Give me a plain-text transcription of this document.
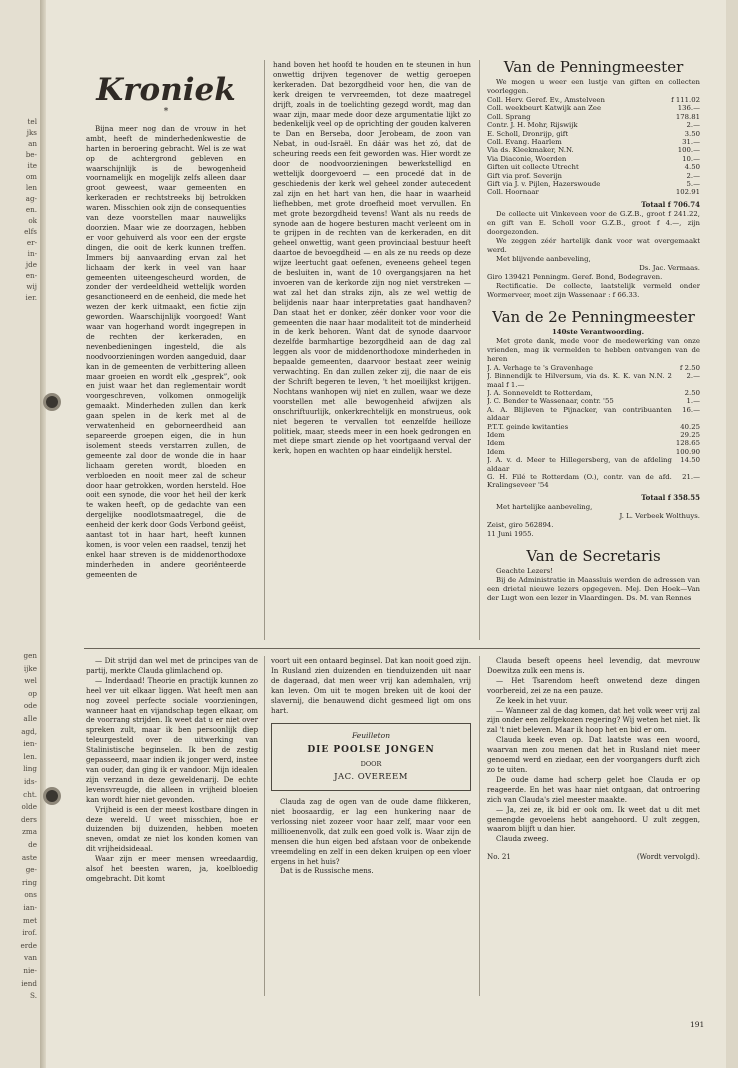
tel
jks
an
be-
ite
om
len
ag-
en.
ok
elfs
er-
in-
jde
en-
wij
ier.
gen
ijke
wel
op
ode
aIle
agd,
ien-
len.
ling
ids-
cht.
olde
ders
zma
de
aste
ge-
ring
ons
ian-
met
irof.
erde
van
nie-
iend
S.
Kroniek
*

Bijna meer nog dan de vrouw in het ambt, heeft de minderhedenkwestie de harten in beroering gebracht. Wel is ze wat op de achtergrond gebleven en waarschijnlijk is de bewogenheid voornamelijk en mogelijk zelfs alleen daar groot geweest, waar gemeenten en kerkeraden er rechtstreeks bij betrokken waren. Misschien ook zijn de consequenties van deze voorstellen maar nauwelijks doorzien. Maar wie ze doorzagen, hebben er voor gehuiverd als voor een der ergste dingen, die ooit de kerk kunnen treffen. Immers bij aanvaarding ervan zal het lichaam der kerk in veel van haar gemeenten uiteengescheurd worden, de zonder der verdeeldheid wettelijk worden gesanctioneerd en de eenheid, die mede het wezen der kerk uitmaakt, een fictie zijn geworden. Waarschijnlijk voorgoed! Want waar van hogerhand wordt ingegrepen in de rechten der kerkeraden, en nevenbedieningen ingesteld, die als noodvoorzieningen worden aangeduid, daar kan in de gemeenten de verbittering alleen maar groeien en wordt elk „gesprek”, ook en juist waar het dan reglementair wordt voorgeschreven, volkomen onmogelijk gemaakt. Minderheden zullen dan kerk gaan spelen in de kerk met al de verwatenheid en geborneerdheid aan separeerde groepen eigen, die in hun isolement steeds verstarren zullen, de gemeente zal door de wonde die in haar lichaam gereten wordt, bloeden en verbloeden en nooit meer zal de scheur door haar getrokken, worden hersteld. Hoe ooit een synode, die voor het heil der kerk te waken heeft, op de gedachte van een dergelijke noodlotsmaatregel, die de eenheid der kerk door Gods Verbond geëist, aantast tot in haar hart, heeft kunnen komen, is voor velen een raadsel, tenzij het enkel haar streven is de middenorthodoxe minderheden in andere georiënteerde gemeenten de

hand boven het hoofd te houden en te steunen in hun onwettig drijven tegenover de wettig geroepen kerkeraden. Dat bezorgdheid voor hen, die van de kerk dreigen te vervreemden, tot deze maatregel drijft, zoals in de toelichting gezegd wordt, mag dan waar zijn, maar mede door deze argumentatie lijkt zo bedenkelijk veel op de oprichting der gouden kalveren te Dan en Berseba, door Jerobeam, de zoon van Nebat, in oud-Israël. En dáár was het zó, dat de scheuring reeds een feit geworden was. Hier wordt ze door de noodvoorzieningen bewerkstelligd en wettelijk doorgevoerd — een procedé dat in de geschiedenis der kerk wel geheel zonder autecedent zal zijn en het hart van hen, die haar in waarheid liefhebben, met grote droefheid moet vervullen. En met grote bezorgdheid tevens! Want als nu reeds de synode aan de hogere besturen macht verleent om in te grijpen in de rechten van de kerkeraden, en dit geheel onwettig, want geen provinciaal bestuur heeft daartoe de bevoegdheid — en als ze nu reeds op deze wijze leertucht gaat oefenen, eveneens geheel tegen de besluiten in, want de 10 overgangsjaren na het invoeren van de kerkorde zijn nog niet verstreken — wat zal het dan straks zijn, als ze wel wettig de belijdenis naar haar interpretaties gaat handhaven? Dan staat het er donker, zéér donker voor voor die gemeenten die naar haar modaliteit tot de minderheid in de kerk behoren. Want dat de synode daarvoor dezelfde barmhartige bezorgdheid aan de dag zal leggen als voor de middenorthodoxe minderheden in bepaalde gemeenten, daarvoor bestaat zeer weinig verwachting. En dan zullen zeker zij, die naar de eis der Schrift begeren te leven, 't het moeilijkst krijgen. Nochtans wanhopen wij niet en zullen, waar we deze voorstellen met alle bewogenheid afwijzen als onschriftuurlijk, onkerkrechtelijk en monstrueus, ook niet begeren te vervallen tot eenzelfde heilloze politiek, maar, steeds meer in een hoek gedrongen en met diepe smart ziende op het voortgaand verval der kerk, hopen en wachten op haar eindelijk herstel.

Van de Penningmeester

We mogen u weer een lustje van giften en collecten voorleggen.

Coll. Herv. Geref. Ev., Amstelveen	f 111.02
Coll. weekbeurt Katwijk aan Zee	136.—
Coll. Sprang	178.81
Contr. J. H. Mohr, Rijswijk	2.—
E. Scholl, Dronrijp, gift	3.50
Coll. Evang. Haarlem	31.—
Via ds. Kleekmaker, N.N.	100.—
Via Diaconie, Woerden	10.—
Giften uit collecte Utrecht	4.50
Gift via prof. Severijn	2.—
Gift via J. v. Pijlen, Hazerswoude	5.—
Coll. Hoornaar	102.91
Totaal f 706.74

De collecte uit Vinkeveen voor de G.Z.B., groot f 241.22, en gift van E. Scholl voor G.Z.B., groot f 4.—, zijn doorgezonden.

We zeggen zéér hartelijk dank voor wat overgemaakt werd.

Met blijvende aanbeveling,

Ds. Jac. Vermaas.

Giro 139421 Penningm. Geref. Bond, Bodegraven.

Rectificatie. De collecte, laatstelijk vermeld onder Wormerveer, moet zijn Wassenaar : f 66.33.

Van de 2e Penningmeester

140ste Verantwoording.

Met grote dank, mede voor de medewerking van onze vrienden, mag ik vermelden te hebben ontvangen van de heren

J. A. Verhage te 's Gravenhage	f 2.50
J. Binnendijk te Hilversum, via ds. K. K. van N.N. 2 maal f 1.—	2.—
J. A. Sonneveldt te Rotterdam,	2.50
J. C. Bender te Wassenaar, contr. '55	1.—
A. A. Blijleven te Pijnacker, van contribuanten aldaar	16.—
P.T.T. geinde kwitanties	40.25
Idem	29.25
Idem	128.65
Idem	100.90
J. A. v. d. Meer te Hillegersberg, van de afdeling aldaar	14.50
G. H. Filé te Rotterdam (O.), contr. van de afd. Kralingseveer '54	21.—
Totaal f 358.55

Met hartelijke aanbeveling,

J. L. Verbeek Wolthuys.

Zeist, giro 562894.

11 Juni 1955.

Van de Secretaris

Geachte Lezers!

Bij de Administratie in Maassluis werden de adressen van een drietal nieuwe lezers opgegeven. Mej. Den Hoek—Van der Lugt won een lezer in Vlaardingen. Ds. M. van Rennes

— Dit strijd dan wel met de principes van de partij, merkte Clauda glimlachend op.

— Inderdaad! Theorie en practijk kunnen zo heel ver uit elkaar liggen. Wat heeft men aan nog zoveel perfecte sociale voorzieningen, wanneer haat en vijandschap tegen elkaar, om de voorrang strijden. Ik weet dat u er niet over spreken zult, maar ik ben persoonlijk diep teleurgesteld over de uitwerking van Stalinistische beginselen. Ik ben de zestig gepasseerd, maar indien ik jonger werd, instee van ouder, dan ging ik er vandoor. Mijn idealen zijn verzand in deze geweldenarij. De echte levensvreugde, die alleen in vrijheid bloeien kan wordt hier niet gevonden.

Vrijheid is een der meest kostbare dingen in deze wereld. U weet misschien, hoe er duizenden bij duizenden, hebben moeten sneven, omdat ze niet los konden komen van dit vrijheidsideaal.

Waar zijn er meer mensen wreedaardig, alsof het beesten waren, ja, koelbloedig omgebracht. Dit komt

voort uit een ontaard beginsel. Dat kan nooit goed zijn. In Rusland zien duizenden en tienduizenden uit naar de dageraad, dat men weer vrij kan ademhalen, vrij kan leven. Om uit te mogen breken uit de kooi der slavernij, die benauwend dicht gesmeed ligt om ons hart.

Feuilleton
DIE POOLSE JONGEN
DOOR
JAC. OVEREEM

Clauda zag de ogen van de oude dame flikkeren, niet boosaardig, er lag een hunkering naar de verlossing niet zozeer voor haar zelf, maar voor een millioenenvolk, dat zulk een goed volk is. Waar zijn de mensen die hun eigen bed afstaan voor de onbekende vreemdeling en zelf in een deken kruipen op een vloer ergens in het huis?

Dat is de Russische mens.

Clauda beseft opeens heel levendig, dat mevrouw Doewitza zulk een mens is.

— Het Tsarendom heeft onwetend deze dingen voorbereid, zei ze na een pauze.

Ze keek in het vuur.

— Wanneer zal de dag komen, dat het volk weer vrij zal zijn onder een zelfgekozen regering? Wij weten het niet. Ik zal 't niet beleven. Maar ik hoop het en bid er om.

Clauda keek even op. Dat laatste was een woord, waarvan men zou menen dat het in Rusland niet meer genoemd werd en ziedaar, een der voorgangers durft zich zo te uiten.

De oude dame had scherp gelet hoe Clauda er op reageerde. En het was haar niet ontgaan, dat ontroering zich van Clauda's ziel meester maakte.

— Ja, zei ze, ik bid er ook om. Ik weet dat u dit met gemengde gevoelens hebt aangehoord. U zult zeggen, waarom blijft u dan hier.

Clauda zweeg.

No. 21	(Wordt vervolgd).
191
